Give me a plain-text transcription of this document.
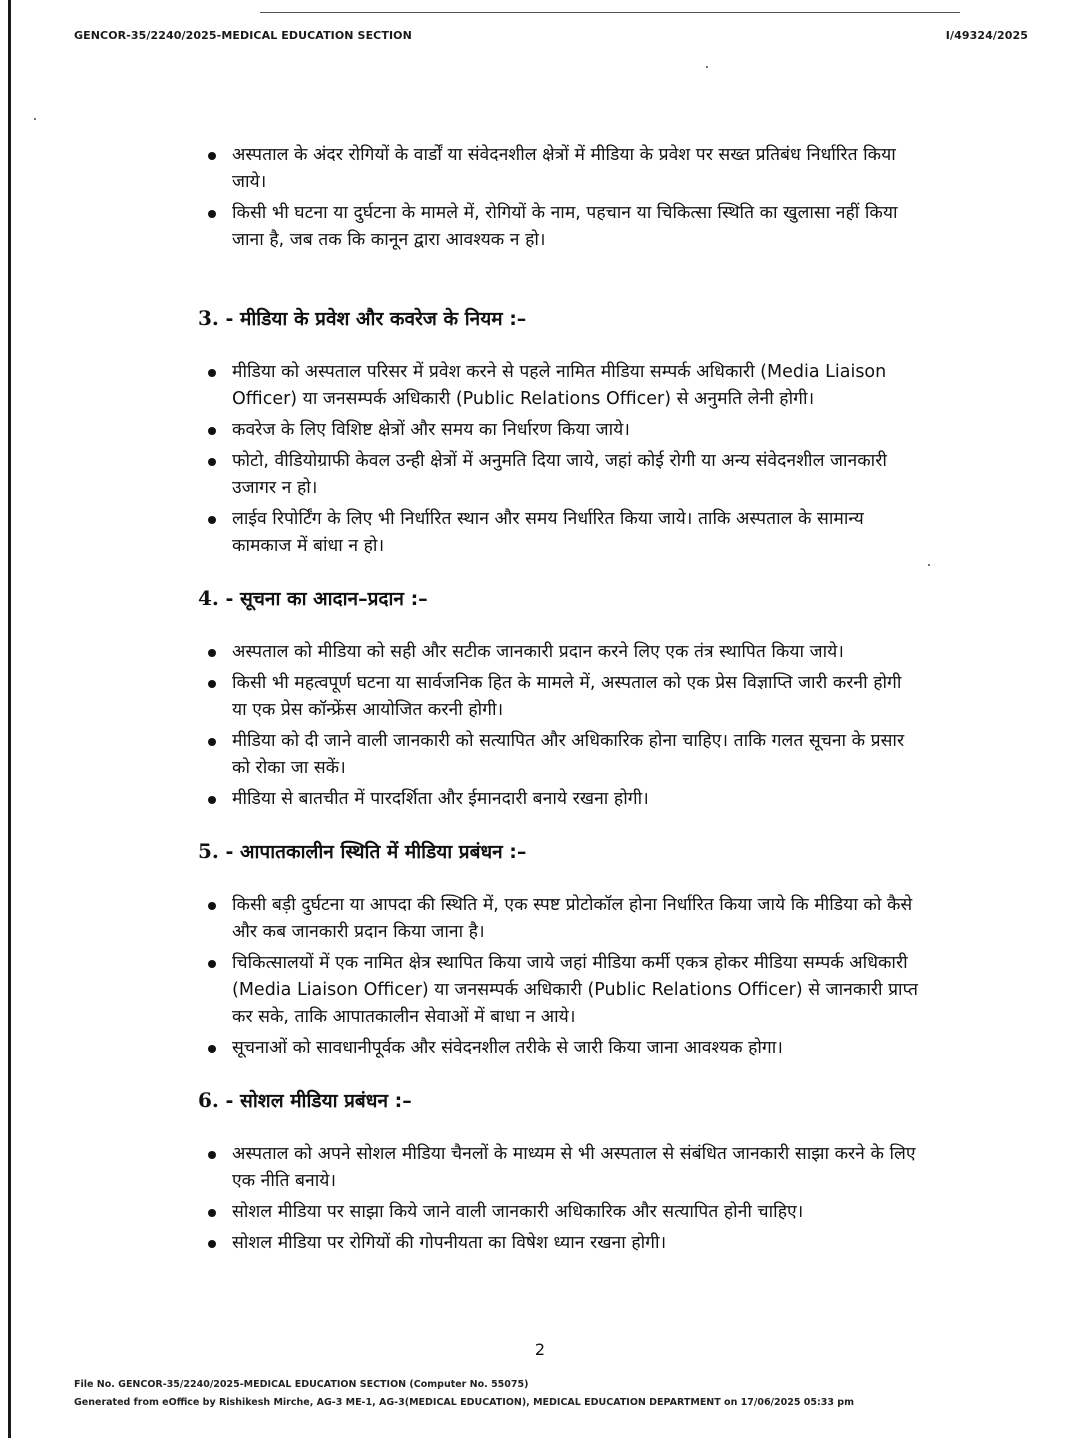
GENCOR-35/2240/2025-MEDICAL EDUCATION SECTION	I/49324/2025
अस्पताल के अंदर रोगियों के वार्डों या संवेदनशील क्षेत्रों में मीडिया के प्रवेश पर सख्त प्रतिबंध निर्धारित किया जाये।
किसी भी घटना या दुर्घटना के मामले में, रोगियों के नाम, पहचान या चिकित्सा स्थिति का खुलासा नहीं किया जाना है, जब तक कि कानून द्वारा आवश्यक न हो।
3. - मीडिया के प्रवेश और कवरेज के नियम :–
मीडिया को अस्पताल परिसर में प्रवेश करने से पहले नामित मीडिया सम्पर्क अधिकारी (Media Liaison Officer) या जनसम्पर्क अधिकारी (Public Relations Officer) से अनुमति लेनी होगी।
कवरेज के लिए विशिष्ट क्षेत्रों और समय का निर्धारण किया जाये।
फोटो, वीडियोग्राफी केवल उन्ही क्षेत्रों में अनुमति दिया जाये, जहां कोई रोगी या अन्य संवेदनशील जानकारी उजागर न हो।
लाईव रिपोर्टिंग के लिए भी निर्धारित स्थान और समय निर्धारित किया जाये। ताकि अस्पताल के सामान्य कामकाज में बांधा न हो।
4. - सूचना का आदान–प्रदान :–
अस्पताल को मीडिया को सही और सटीक जानकारी प्रदान करने लिए एक तंत्र स्थापित किया जाये।
किसी भी महत्वपूर्ण घटना या सार्वजनिक हित के मामले में, अस्पताल को एक प्रेस विज्ञाप्ति जारी करनी होगी या एक प्रेस कॉन्फ्रेंस आयोजित करनी होगी।
मीडिया को दी जाने वाली जानकारी को सत्यापित और अधिकारिक होना चाहिए। ताकि गलत सूचना के प्रसार को रोका जा सकें।
मीडिया से बातचीत में पारदर्शिता और ईमानदारी बनाये रखना होगी।
5. - आपातकालीन स्थिति में मीडिया प्रबंधन :–
किसी बड़ी दुर्घटना या आपदा की स्थिति में, एक स्पष्ट प्रोटोकॉल होना निर्धारित किया जाये कि मीडिया को कैसे और कब जानकारी प्रदान किया जाना है।
चिकित्सालयों में एक नामित क्षेत्र स्थापित किया जाये जहां मीडिया कर्मी एकत्र होकर मीडिया सम्पर्क अधिकारी (Media Liaison Officer) या जनसम्पर्क अधिकारी (Public Relations Officer) से जानकारी प्राप्त कर सके, ताकि आपातकालीन सेवाओं में बाधा न आये।
सूचनाओं को सावधानीपूर्वक और संवेदनशील तरीके से जारी किया जाना आवश्यक होगा।
6. - सोशल मीडिया प्रबंधन :–
अस्पताल को अपने सोशल मीडिया चैनलों के माध्यम से भी अस्पताल से संबंधित जानकारी साझा करने के लिए एक नीति बनाये।
सोशल मीडिया पर साझा किये जाने वाली जानकारी अधिकारिक और सत्यापित होनी चाहिए।
सोशल मीडिया पर रोगियों की गोपनीयता का विषेश ध्यान रखना होगी।
2
File No. GENCOR-35/2240/2025-MEDICAL EDUCATION SECTION (Computer No. 55075)
Generated from eOffice by Rishikesh Mirche, AG-3 ME-1, AG-3(MEDICAL EDUCATION), MEDICAL EDUCATION DEPARTMENT on 17/06/2025 05:33 pm
